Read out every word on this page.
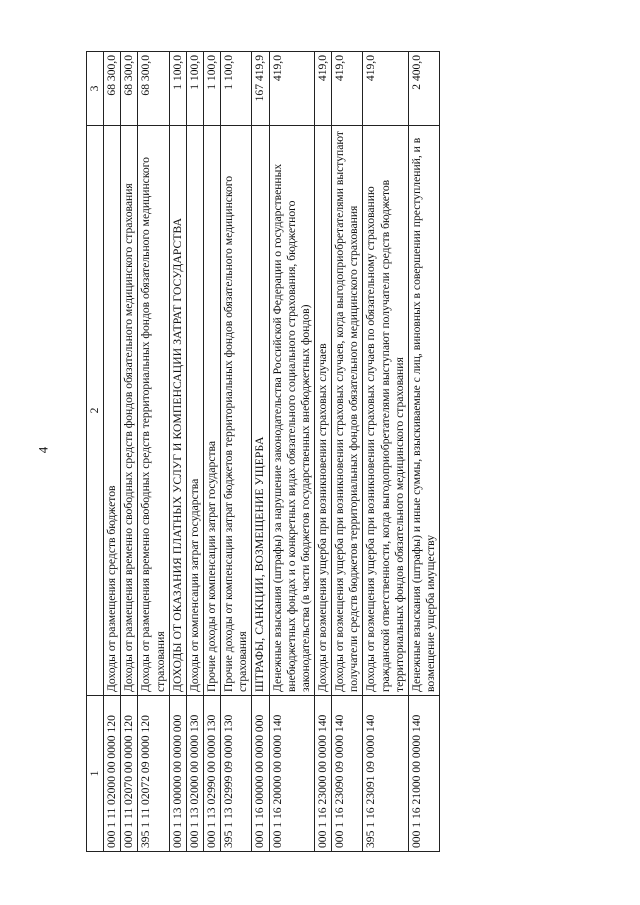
4
1	2	3
000 1 11 02000 00 0000 120	Доходы от размещения средств бюджетов	68 300,0
000 1 11 02070 00 0000 120	Доходы от размещения временно свободных средств фондов обязательного медицинского страхования	68 300,0
395 1 11 02072 09 0000 120	Доходы от размещения временно свободных средств территориальных фондов обязательного медицинского страхования	68 300,0
000 1 13 00000 00 0000 000	ДОХОДЫ ОТ ОКАЗАНИЯ ПЛАТНЫХ УСЛУГ И КОМПЕНСАЦИИ ЗАТРАТ ГОСУДАРСТВА	1 100,0
000 1 13 02000 00 0000 130	Доходы от компенсации затрат государства	1 100,0
000 1 13 02990 00 0000 130	Прочие доходы от компенсации затрат государства	1 100,0
395 1 13 02999 09 0000 130	Прочие доходы от компенсации затрат бюджетов территориальных фондов обязательного медицинского страхования	1 100,0
000 1 16 00000 00 0000 000	ШТРАФЫ, САНКЦИИ, ВОЗМЕЩЕНИЕ УЩЕРБА	167 419,9
000 1 16 20000 00 0000 140	Денежные взыскания (штрафы) за нарушение законодательства Российской Федерации о государственных внебюджетных фондах и о конкретных видах обязательного социального страхования, бюджетного законодательства (в части бюджетов государственных внебюджетных фондов)	419,0
000 1 16 23000 00 0000 140	Доходы от возмещения ущерба при возникновении страховых случаев	419,0
000 1 16 23090 09 0000 140	Доходы от возмещения ущерба при возникновении страховых случаев, когда выгодоприобретателями выступают получатели средств бюджетов территориальных фондов обязательного медицинского страхования	419,0
395 1 16 23091 09 0000 140	Доходы от возмещения ущерба при возникновении страховых случаев по обязательному страхованию гражданской ответственности, когда выгодоприобретателями выступают получатели средств бюджетов территориальных фондов обязательного медицинского страхования	419,0
000 1 16 21000 00 0000 140	Денежные взыскания (штрафы) и иные суммы, взыскиваемые с лиц, виновных в совершении преступлений, и в возмещение ущерба имуществу	2 400,0
